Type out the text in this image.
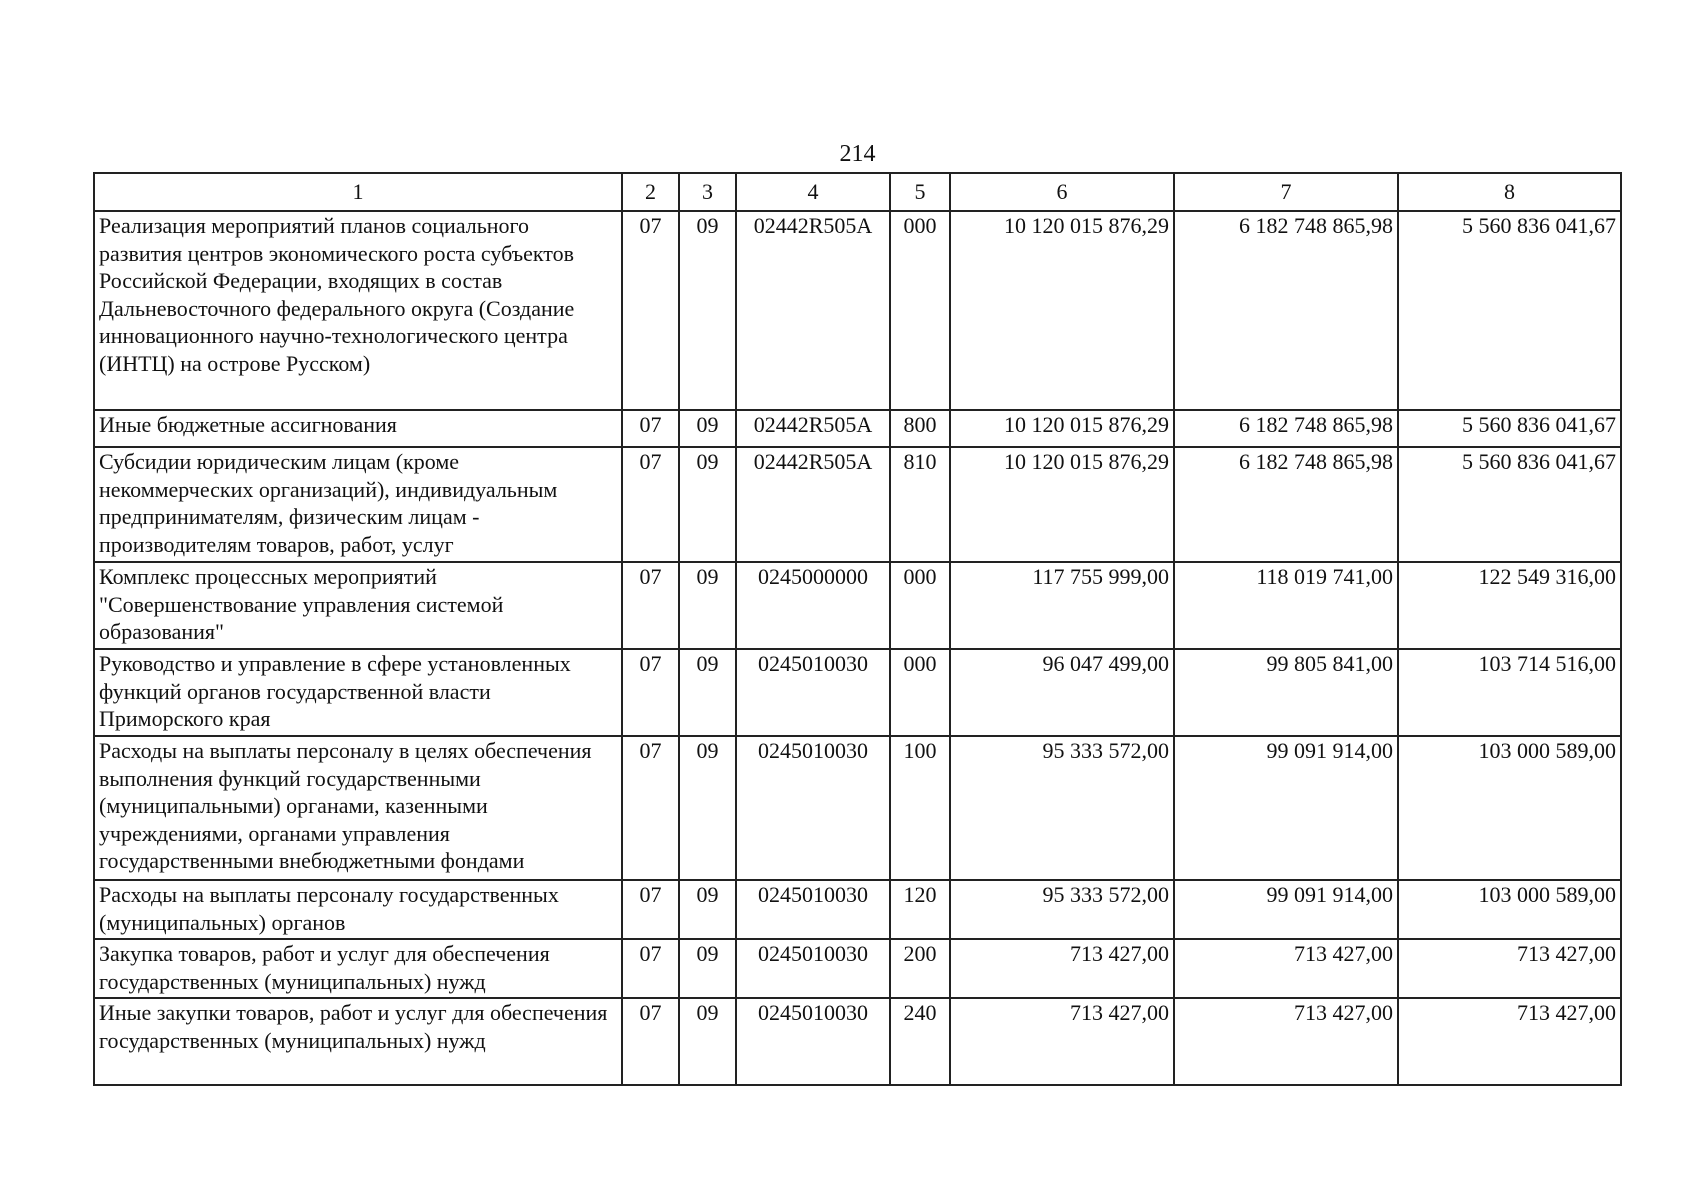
214
1	2	3	4	5	6	7	8
Реализация мероприятий планов социального развития центров экономического роста субъектов Российской Федерации, входящих в состав Дальневосточного федерального округа (Создание инновационного научно-технологического центра (ИНТЦ) на острове Русском)	07	09	02442R505A	000	10 120 015 876,29	6 182 748 865,98	5 560 836 041,67
Иные бюджетные ассигнования	07	09	02442R505A	800	10 120 015 876,29	6 182 748 865,98	5 560 836 041,67
Субсидии юридическим лицам (кроме некоммерческих организаций), индивидуальным предпринимателям, физическим лицам - производителям товаров, работ, услуг	07	09	02442R505A	810	10 120 015 876,29	6 182 748 865,98	5 560 836 041,67
Комплекс процессных мероприятий "Совершенствование управления системой образования"	07	09	0245000000	000	117 755 999,00	118 019 741,00	122 549 316,00
Руководство и управление в сфере установленных функций органов государственной власти Приморского края	07	09	0245010030	000	96 047 499,00	99 805 841,00	103 714 516,00
Расходы на выплаты персоналу в целях обеспечения выполнения функций государственными (муниципальными) органами, казенными учреждениями, органами управления государственными внебюджетными фондами	07	09	0245010030	100	95 333 572,00	99 091 914,00	103 000 589,00
Расходы на выплаты персоналу государственных (муниципальных) органов	07	09	0245010030	120	95 333 572,00	99 091 914,00	103 000 589,00
Закупка товаров, работ и услуг для обеспечения государственных (муниципальных) нужд	07	09	0245010030	200	713 427,00	713 427,00	713 427,00
Иные закупки товаров, работ и услуг для обеспечения государственных (муниципальных) нужд	07	09	0245010030	240	713 427,00	713 427,00	713 427,00
